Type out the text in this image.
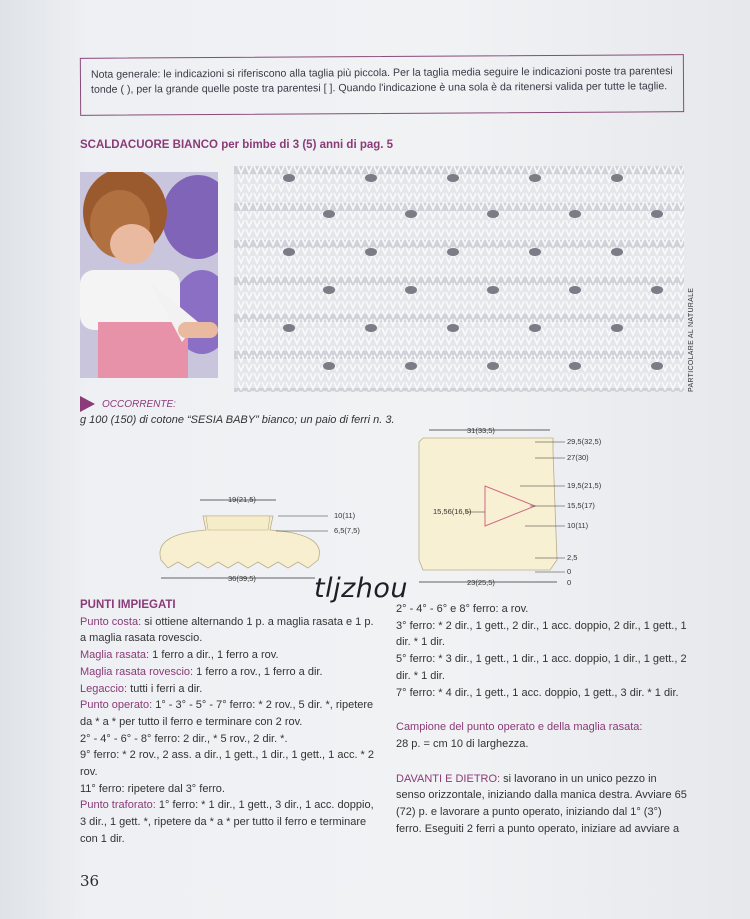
Nota generale: le indicazioni si riferiscono alla taglia più piccola. Per la taglia media seguire le indicazioni poste tra parentesi tonde ( ), per la grande quelle poste tra parentesi [ ]. Quando l'indicazione è una sola è da ritenersi valida per tutte le taglie.
SCALDACUORE BIANCO per bimbe di 3 (5) anni di pag. 5
PARTICOLARE AL NATURALE
OCCORRENTE:
g 100 (150) di cotone “SESIA BABY” bianco; un paio di ferri n. 3.
19(21,5)
10(11)
6,5(7,5)
36(39,5)
31(33,5)
29,5(32,5)
27(30)
19,5(21,5)
15,5(17)
10(11)
2,5
0
15,56(16,5)
23(25,5)	0
tljzhou
PUNTI IMPIEGATI

Punto costa: si ottiene alternando 1 p. a maglia rasata e 1 p. a maglia rasata rovescio.

Maglia rasata: 1 ferro a dir., 1 ferro a rov.

Maglia rasata rovescio: 1 ferro a rov., 1 ferro a dir.

Legaccio: tutti i ferri a dir.

Punto operato: 1° - 3° - 5° - 7° ferro: * 2 rov., 5 dir. *, ripetere da * a * per tutto il ferro e terminare con 2 rov.

2° - 4° - 6° - 8° ferro: 2 dir., * 5 rov., 2 dir. *.

9° ferro: * 2 rov., 2 ass. a dir., 1 gett., 1 dir., 1 gett., 1 acc. * 2 rov.

11° ferro: ripetere dal 3° ferro.

Punto traforato: 1° ferro: * 1 dir., 1 gett., 3 dir., 1 acc. doppio, 3 dir., 1 gett. *, ripetere da * a * per tutto il ferro e terminare con 1 dir.

2° - 4° - 6° e 8° ferro: a rov.

3° ferro: * 2 dir., 1 gett., 2 dir., 1 acc. doppio, 2 dir., 1 gett., 1 dir. * 1 dir.

5° ferro: * 3 dir., 1 gett., 1 dir., 1 acc. doppio, 1 dir., 1 gett., 2 dir. * 1 dir.

7° ferro: * 4 dir., 1 gett., 1 acc. doppio, 1 gett., 3 dir. * 1 dir.

Campione del punto operato e della maglia rasata:

28 p. = cm 10 di larghezza.

DAVANTI E DIETRO: si lavorano in un unico pezzo in senso orizzontale, iniziando dalla manica destra. Avviare 65 (72) p. e lavorare a punto operato, iniziando dal 1° (3°) ferro. Eseguiti 2 ferri a punto operato, iniziare ad avviare a

36
